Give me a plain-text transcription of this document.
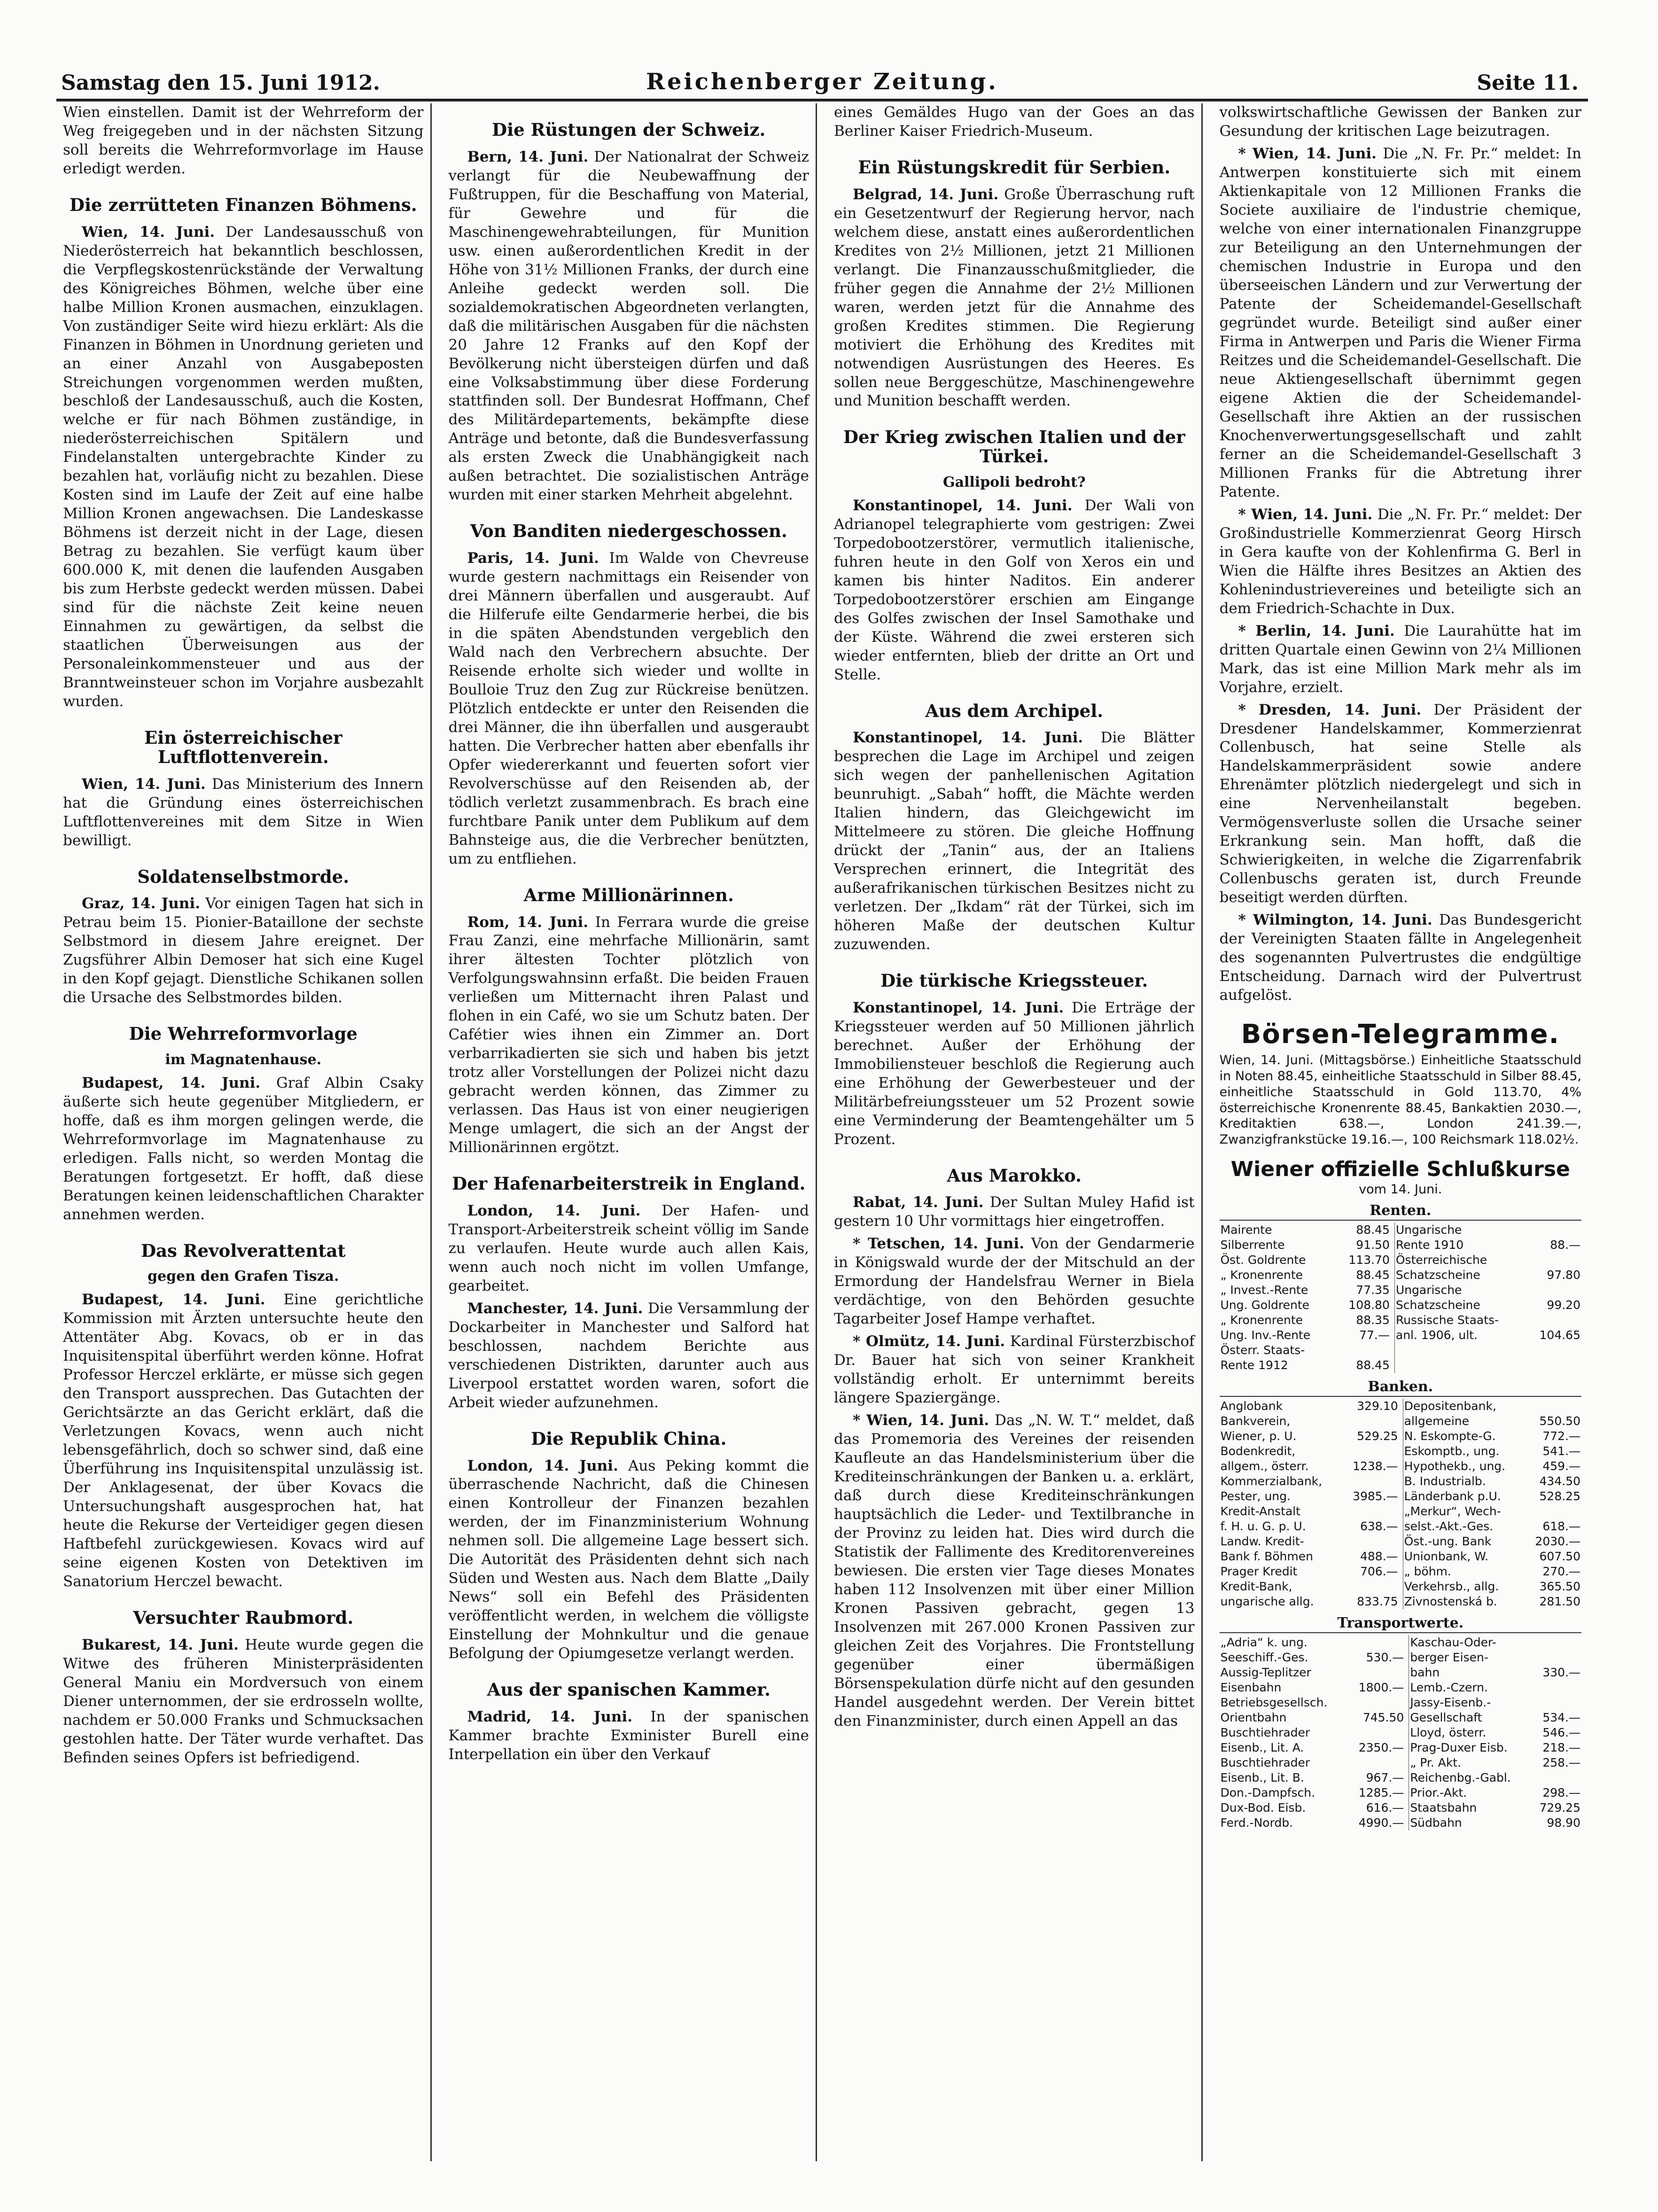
Samstag den 15. Juni 1912.	Reichenberger Zeitung.	Seite 11.

Wien einstellen. Damit ist der Wehrreform der Weg freigegeben und in der nächsten Sitzung soll bereits die Wehrreformvorlage im Hause erledigt werden.

Die zerrütteten Finanzen Böhmens.

Wien, 14. Juni. Der Landesausschuß von Niederösterreich hat bekanntlich beschlossen, die Verpflegskostenrückstände der Verwaltung des Königreiches Böhmen, welche über eine halbe Million Kronen ausmachen, einzuklagen. Von zuständiger Seite wird hiezu erklärt: Als die Finanzen in Böhmen in Unordnung gerieten und an einer Anzahl von Ausgabeposten Streichungen vorgenommen werden mußten, beschloß der Landesausschuß, auch die Kosten, welche er für nach Böhmen zuständige, in niederösterreichischen Spitälern und Findelanstalten untergebrachte Kinder zu bezahlen hat, vorläufig nicht zu bezahlen. Diese Kosten sind im Laufe der Zeit auf eine halbe Million Kronen angewachsen. Die Landeskasse Böhmens ist derzeit nicht in der Lage, diesen Betrag zu bezahlen. Sie verfügt kaum über 600.000 K, mit denen die laufenden Ausgaben bis zum Herbste gedeckt werden müssen. Dabei sind für die nächste Zeit keine neuen Einnahmen zu gewärtigen, da selbst die staatlichen Überweisungen aus der Personaleinkommensteuer und aus der Branntweinsteuer schon im Vorjahre ausbezahlt wurden.

Ein österreichischer Luftflottenverein.

Wien, 14. Juni. Das Ministerium des Innern hat die Gründung eines österreichischen Luftflottenvereines mit dem Sitze in Wien bewilligt.

Soldatenselbstmorde.

Graz, 14. Juni. Vor einigen Tagen hat sich in Petrau beim 15. Pionier-Bataillone der sechste Selbstmord in diesem Jahre ereignet. Der Zugsführer Albin Demoser hat sich eine Kugel in den Kopf gejagt. Dienstliche Schikanen sollen die Ursache des Selbstmordes bilden.

Die Wehrreformvorlage
im Magnatenhause.

Budapest, 14. Juni. Graf Albin Csaky äußerte sich heute gegenüber Mitgliedern, er hoffe, daß es ihm morgen gelingen werde, die Wehrreformvorlage im Magnatenhause zu erledigen. Falls nicht, so werden Montag die Beratungen fortgesetzt. Er hofft, daß diese Beratungen keinen leidenschaftlichen Charakter annehmen werden.

Das Revolverattentat
gegen den Grafen Tisza.

Budapest, 14. Juni. Eine gerichtliche Kommission mit Ärzten untersuchte heute den Attentäter Abg. Kovacs, ob er in das Inquisitenspital überführt werden könne. Hofrat Professor Herczel erklärte, er müsse sich gegen den Transport aussprechen. Das Gutachten der Gerichtsärzte an das Gericht erklärt, daß die Verletzungen Kovacs, wenn auch nicht lebensgefährlich, doch so schwer sind, daß eine Überführung ins Inquisitenspital unzulässig ist. Der Anklagesenat, der über Kovacs die Untersuchungshaft ausgesprochen hat, hat heute die Rekurse der Verteidiger gegen diesen Haftbefehl zurückgewiesen. Kovacs wird auf seine eigenen Kosten von Detektiven im Sanatorium Herczel bewacht.

Versuchter Raubmord.

Bukarest, 14. Juni. Heute wurde gegen die Witwe des früheren Ministerpräsidenten General Maniu ein Mordversuch von einem Diener unternommen, der sie erdrosseln wollte, nachdem er 50.000 Franks und Schmucksachen gestohlen hatte. Der Täter wurde verhaftet. Das Befinden seines Opfers ist befriedigend.

Die Rüstungen der Schweiz.

Bern, 14. Juni. Der Nationalrat der Schweiz verlangt für die Neubewaffnung der Fußtruppen, für die Beschaffung von Material, für Gewehre und für die Maschinengewehrabteilungen, für Munition usw. einen außerordentlichen Kredit in der Höhe von 31½ Millionen Franks, der durch eine Anleihe gedeckt werden soll. Die sozialdemokratischen Abgeordneten verlangten, daß die militärischen Ausgaben für die nächsten 20 Jahre 12 Franks auf den Kopf der Bevölkerung nicht übersteigen dürfen und daß eine Volksabstimmung über diese Forderung stattfinden soll. Der Bundesrat Hoffmann, Chef des Militärdepartements, bekämpfte diese Anträge und betonte, daß die Bundesverfassung als ersten Zweck die Unabhängigkeit nach außen betrachtet. Die sozialistischen Anträge wurden mit einer starken Mehrheit abgelehnt.

Von Banditen niedergeschossen.

Paris, 14. Juni. Im Walde von Chevreuse wurde gestern nachmittags ein Reisender von drei Männern überfallen und ausgeraubt. Auf die Hilferufe eilte Gendarmerie herbei, die bis in die späten Abendstunden vergeblich den Wald nach den Verbrechern absuchte. Der Reisende erholte sich wieder und wollte in Boulloie Truz den Zug zur Rückreise benützen. Plötzlich entdeckte er unter den Reisenden die drei Männer, die ihn überfallen und ausgeraubt hatten. Die Verbrecher hatten aber ebenfalls ihr Opfer wiedererkannt und feuerten sofort vier Revolverschüsse auf den Reisenden ab, der tödlich verletzt zusammenbrach. Es brach eine furchtbare Panik unter dem Publikum auf dem Bahnsteige aus, die die Verbrecher benützten, um zu entfliehen.

Arme Millionärinnen.

Rom, 14. Juni. In Ferrara wurde die greise Frau Zanzi, eine mehrfache Millionärin, samt ihrer ältesten Tochter plötzlich von Verfolgungswahnsinn erfaßt. Die beiden Frauen verließen um Mitternacht ihren Palast und flohen in ein Café, wo sie um Schutz baten. Der Cafétier wies ihnen ein Zimmer an. Dort verbarrikadierten sie sich und haben bis jetzt trotz aller Vorstellungen der Polizei nicht dazu gebracht werden können, das Zimmer zu verlassen. Das Haus ist von einer neugierigen Menge umlagert, die sich an der Angst der Millionärinnen ergötzt.

Der Hafenarbeiterstreik in England.

London, 14. Juni. Der Hafen- und Transport-Arbeiterstreik scheint völlig im Sande zu verlaufen. Heute wurde auch allen Kais, wenn auch noch nicht im vollen Umfange, gearbeitet.

Manchester, 14. Juni. Die Versammlung der Dockarbeiter in Manchester und Salford hat beschlossen, nachdem Berichte aus verschiedenen Distrikten, darunter auch aus Liverpool erstattet worden waren, sofort die Arbeit wieder aufzunehmen.

Die Republik China.

London, 14. Juni. Aus Peking kommt die überraschende Nachricht, daß die Chinesen einen Kontrolleur der Finanzen bezahlen werden, der im Finanzministerium Wohnung nehmen soll. Die allgemeine Lage bessert sich. Die Autorität des Präsidenten dehnt sich nach Süden und Westen aus. Nach dem Blatte „Daily News“ soll ein Befehl des Präsidenten veröffentlicht werden, in welchem die völligste Einstellung der Mohnkultur und die genaue Befolgung der Opiumgesetze verlangt werden.

Aus der spanischen Kammer.

Madrid, 14. Juni. In der spanischen Kammer brachte Exminister Burell eine Interpellation ein über den Verkauf

eines Gemäldes Hugo van der Goes an das Berliner Kaiser Friedrich-Museum.

Ein Rüstungskredit für Serbien.

Belgrad, 14. Juni. Große Überraschung ruft ein Gesetzentwurf der Regierung hervor, nach welchem diese, anstatt eines außerordentlichen Kredites von 2½ Millionen, jetzt 21 Millionen verlangt. Die Finanzausschußmitglieder, die früher gegen die Annahme der 2½ Millionen waren, werden jetzt für die Annahme des großen Kredites stimmen. Die Regierung motiviert die Erhöhung des Kredites mit notwendigen Ausrüstungen des Heeres. Es sollen neue Berggeschütze, Maschinengewehre und Munition beschafft werden.

Der Krieg zwischen Italien und der Türkei.
Gallipoli bedroht?

Konstantinopel, 14. Juni. Der Wali von Adrianopel telegraphierte vom gestrigen: Zwei Torpedobootzerstörer, vermutlich italienische, fuhren heute in den Golf von Xeros ein und kamen bis hinter Naditos. Ein anderer Torpedobootzerstörer erschien am Eingange des Golfes zwischen der Insel Samothake und der Küste. Während die zwei ersteren sich wieder entfernten, blieb der dritte an Ort und Stelle.

Aus dem Archipel.

Konstantinopel, 14. Juni. Die Blätter besprechen die Lage im Archipel und zeigen sich wegen der panhellenischen Agitation beunruhigt. „Sabah“ hofft, die Mächte werden Italien hindern, das Gleichgewicht im Mittelmeere zu stören. Die gleiche Hoffnung drückt der „Tanin“ aus, der an Italiens Versprechen erinnert, die Integrität des außerafrikanischen türkischen Besitzes nicht zu verletzen. Der „Ikdam“ rät der Türkei, sich im höheren Maße der deutschen Kultur zuzuwenden.

Die türkische Kriegssteuer.

Konstantinopel, 14. Juni. Die Erträge der Kriegssteuer werden auf 50 Millionen jährlich berechnet. Außer der Erhöhung der Immobiliensteuer beschloß die Regierung auch eine Erhöhung der Gewerbesteuer und der Militärbefreiungssteuer um 52 Prozent sowie eine Verminderung der Beamtengehälter um 5 Prozent.

Aus Marokko.

Rabat, 14. Juni. Der Sultan Muley Hafid ist gestern 10 Uhr vormittags hier eingetroffen.

* Tetschen, 14. Juni. Von der Gendarmerie in Königswald wurde der der Mitschuld an der Ermordung der Handelsfrau Werner in Biela verdächtige, von den Behörden gesuchte Tagarbeiter Josef Hampe verhaftet.

* Olmütz, 14. Juni. Kardinal Fürsterzbischof Dr. Bauer hat sich von seiner Krankheit vollständig erholt. Er unternimmt bereits längere Spaziergänge.

* Wien, 14. Juni. Das „N. W. T.“ meldet, daß das Promemoria des Vereines der reisenden Kaufleute an das Handelsministerium über die Krediteinschränkungen der Banken u. a. erklärt, daß durch diese Krediteinschränkungen hauptsächlich die Leder- und Textilbranche in der Provinz zu leiden hat. Dies wird durch die Statistik der Fallimente des Kreditorenvereines bewiesen. Die ersten vier Tage dieses Monates haben 112 Insolvenzen mit über einer Million Kronen Passiven gebracht, gegen 13 Insolvenzen mit 267.000 Kronen Passiven zur gleichen Zeit des Vorjahres. Die Frontstellung gegenüber einer übermäßigen Börsenspekulation dürfe nicht auf den gesunden Handel ausgedehnt werden. Der Verein bittet den Finanzminister, durch einen Appell an das

volkswirtschaftliche Gewissen der Banken zur Gesundung der kritischen Lage beizutragen.

* Wien, 14. Juni. Die „N. Fr. Pr.“ meldet: In Antwerpen konstituierte sich mit einem Aktienkapitale von 12 Millionen Franks die Societe auxiliaire de l'industrie chemique, welche von einer internationalen Finanzgruppe zur Beteiligung an den Unternehmungen der chemischen Industrie in Europa und den überseeischen Ländern und zur Verwertung der Patente der Scheidemandel-Gesellschaft gegründet wurde. Beteiligt sind außer einer Firma in Antwerpen und Paris die Wiener Firma Reitzes und die Scheidemandel-Gesellschaft. Die neue Aktiengesellschaft übernimmt gegen eigene Aktien die der Scheidemandel-Gesellschaft ihre Aktien an der russischen Knochenverwertungsgesellschaft und zahlt ferner an die Scheidemandel-Gesellschaft 3 Millionen Franks für die Abtretung ihrer Patente.

* Wien, 14. Juni. Die „N. Fr. Pr.“ meldet: Der Großindustrielle Kommerzienrat Georg Hirsch in Gera kaufte von der Kohlenfirma G. Berl in Wien die Hälfte ihres Besitzes an Aktien des Kohlenindustrievereines und beteiligte sich an dem Friedrich-Schachte in Dux.

* Berlin, 14. Juni. Die Laurahütte hat im dritten Quartale einen Gewinn von 2¼ Millionen Mark, das ist eine Million Mark mehr als im Vorjahre, erzielt.

* Dresden, 14. Juni. Der Präsident der Dresdener Handelskammer, Kommerzienrat Collenbusch, hat seine Stelle als Handelskammerpräsident sowie andere Ehrenämter plötzlich niedergelegt und sich in eine Nervenheilanstalt begeben. Vermögensverluste sollen die Ursache seiner Erkrankung sein. Man hofft, daß die Schwierigkeiten, in welche die Zigarrenfabrik Collenbuschs geraten ist, durch Freunde beseitigt werden dürften.

* Wilmington, 14. Juni. Das Bundesgericht der Vereinigten Staaten fällte in Angelegenheit des sogenannten Pulvertrustes die endgültige Entscheidung. Darnach wird der Pulvertrust aufgelöst.

Börsen-Telegramme.
Wien, 14. Juni. (Mittagsbörse.) Einheitliche Staatsschuld in Noten 88.45, einheitliche Staatsschuld in Silber 88.45, einheitliche Staatsschuld in Gold 113.70, 4% österreichische Kronenrente 88.45, Bankaktien 2030.—, Kreditaktien 638.—, London 241.39.—, Zwanzigfrankstücke 19.16.—, 100 Reichsmark 118.02½.
Wiener offizielle Schlußkurse
vom 14. Juni.
Renten.
Mairente	88.45	Ungarische	
Silberrente	91.50	Rente 1910	88.—
Öst. Goldrente	113.70	Österreichische	
„ Kronenrente	88.45	Schatzscheine	97.80
„ Invest.-Rente	77.35	Ungarische	
Ung. Goldrente	108.80	Schatzscheine	99.20
„ Kronenrente	88.35	Russische Staats-	
Ung. Inv.-Rente	77.—	anl. 1906, ult.	104.65
Österr. Staats-			
Rente 1912	88.45		
Banken.
Anglobank	329.10	Depositenbank,	
Bankverein,		allgemeine	550.50
Wiener, p. U.	529.25	N. Eskompte-G.	772.—
Bodenkredit,		Eskomptb., ung.	541.—
allgem., österr.	1238.—	Hypothekb., ung.	459.—
Kommerzialbank,		B. Industrialb.	434.50
Pester, ung.	3985.—	Länderbank p.U.	528.25
Kredit-Anstalt		„Merkur“, Wech-	
f. H. u. G. p. U.	638.—	selst.-Akt.-Ges.	618.—
Landw. Kredit-		Öst.-ung. Bank	2030.—
Bank f. Böhmen	488.—	Unionbank, W.	607.50
Prager Kredit	706.—	„ böhm.	270.—
Kredit-Bank,		Verkehrsb., allg.	365.50
ungarische allg.	833.75	Zivnostenská b.	281.50
Transportwerte.
„Adria“ k. ung.		Kaschau-Oder-	
Seeschiff.-Ges.	530.—	berger Eisen-	
Aussig-Teplitzer		bahn	330.—
Eisenbahn	1800.—	Lemb.-Czern.	
Betriebsgesellsch.		Jassy-Eisenb.-	
Orientbahn	745.50	Gesellschaft	534.—
Buschtiehrader		Lloyd, österr.	546.—
Eisenb., Lit. A.	2350.—	Prag-Duxer Eisb.	218.—
Buschtiehrader		„ Pr. Akt.	258.—
Eisenb., Lit. B.	967.—	Reichenbg.-Gabl.	
Don.-Dampfsch.	1285.—	Prior.-Akt.	298.—
Dux-Bod. Eisb.	616.—	Staatsbahn	729.25
Ferd.-Nordb.	4990.—	Südbahn	98.90
